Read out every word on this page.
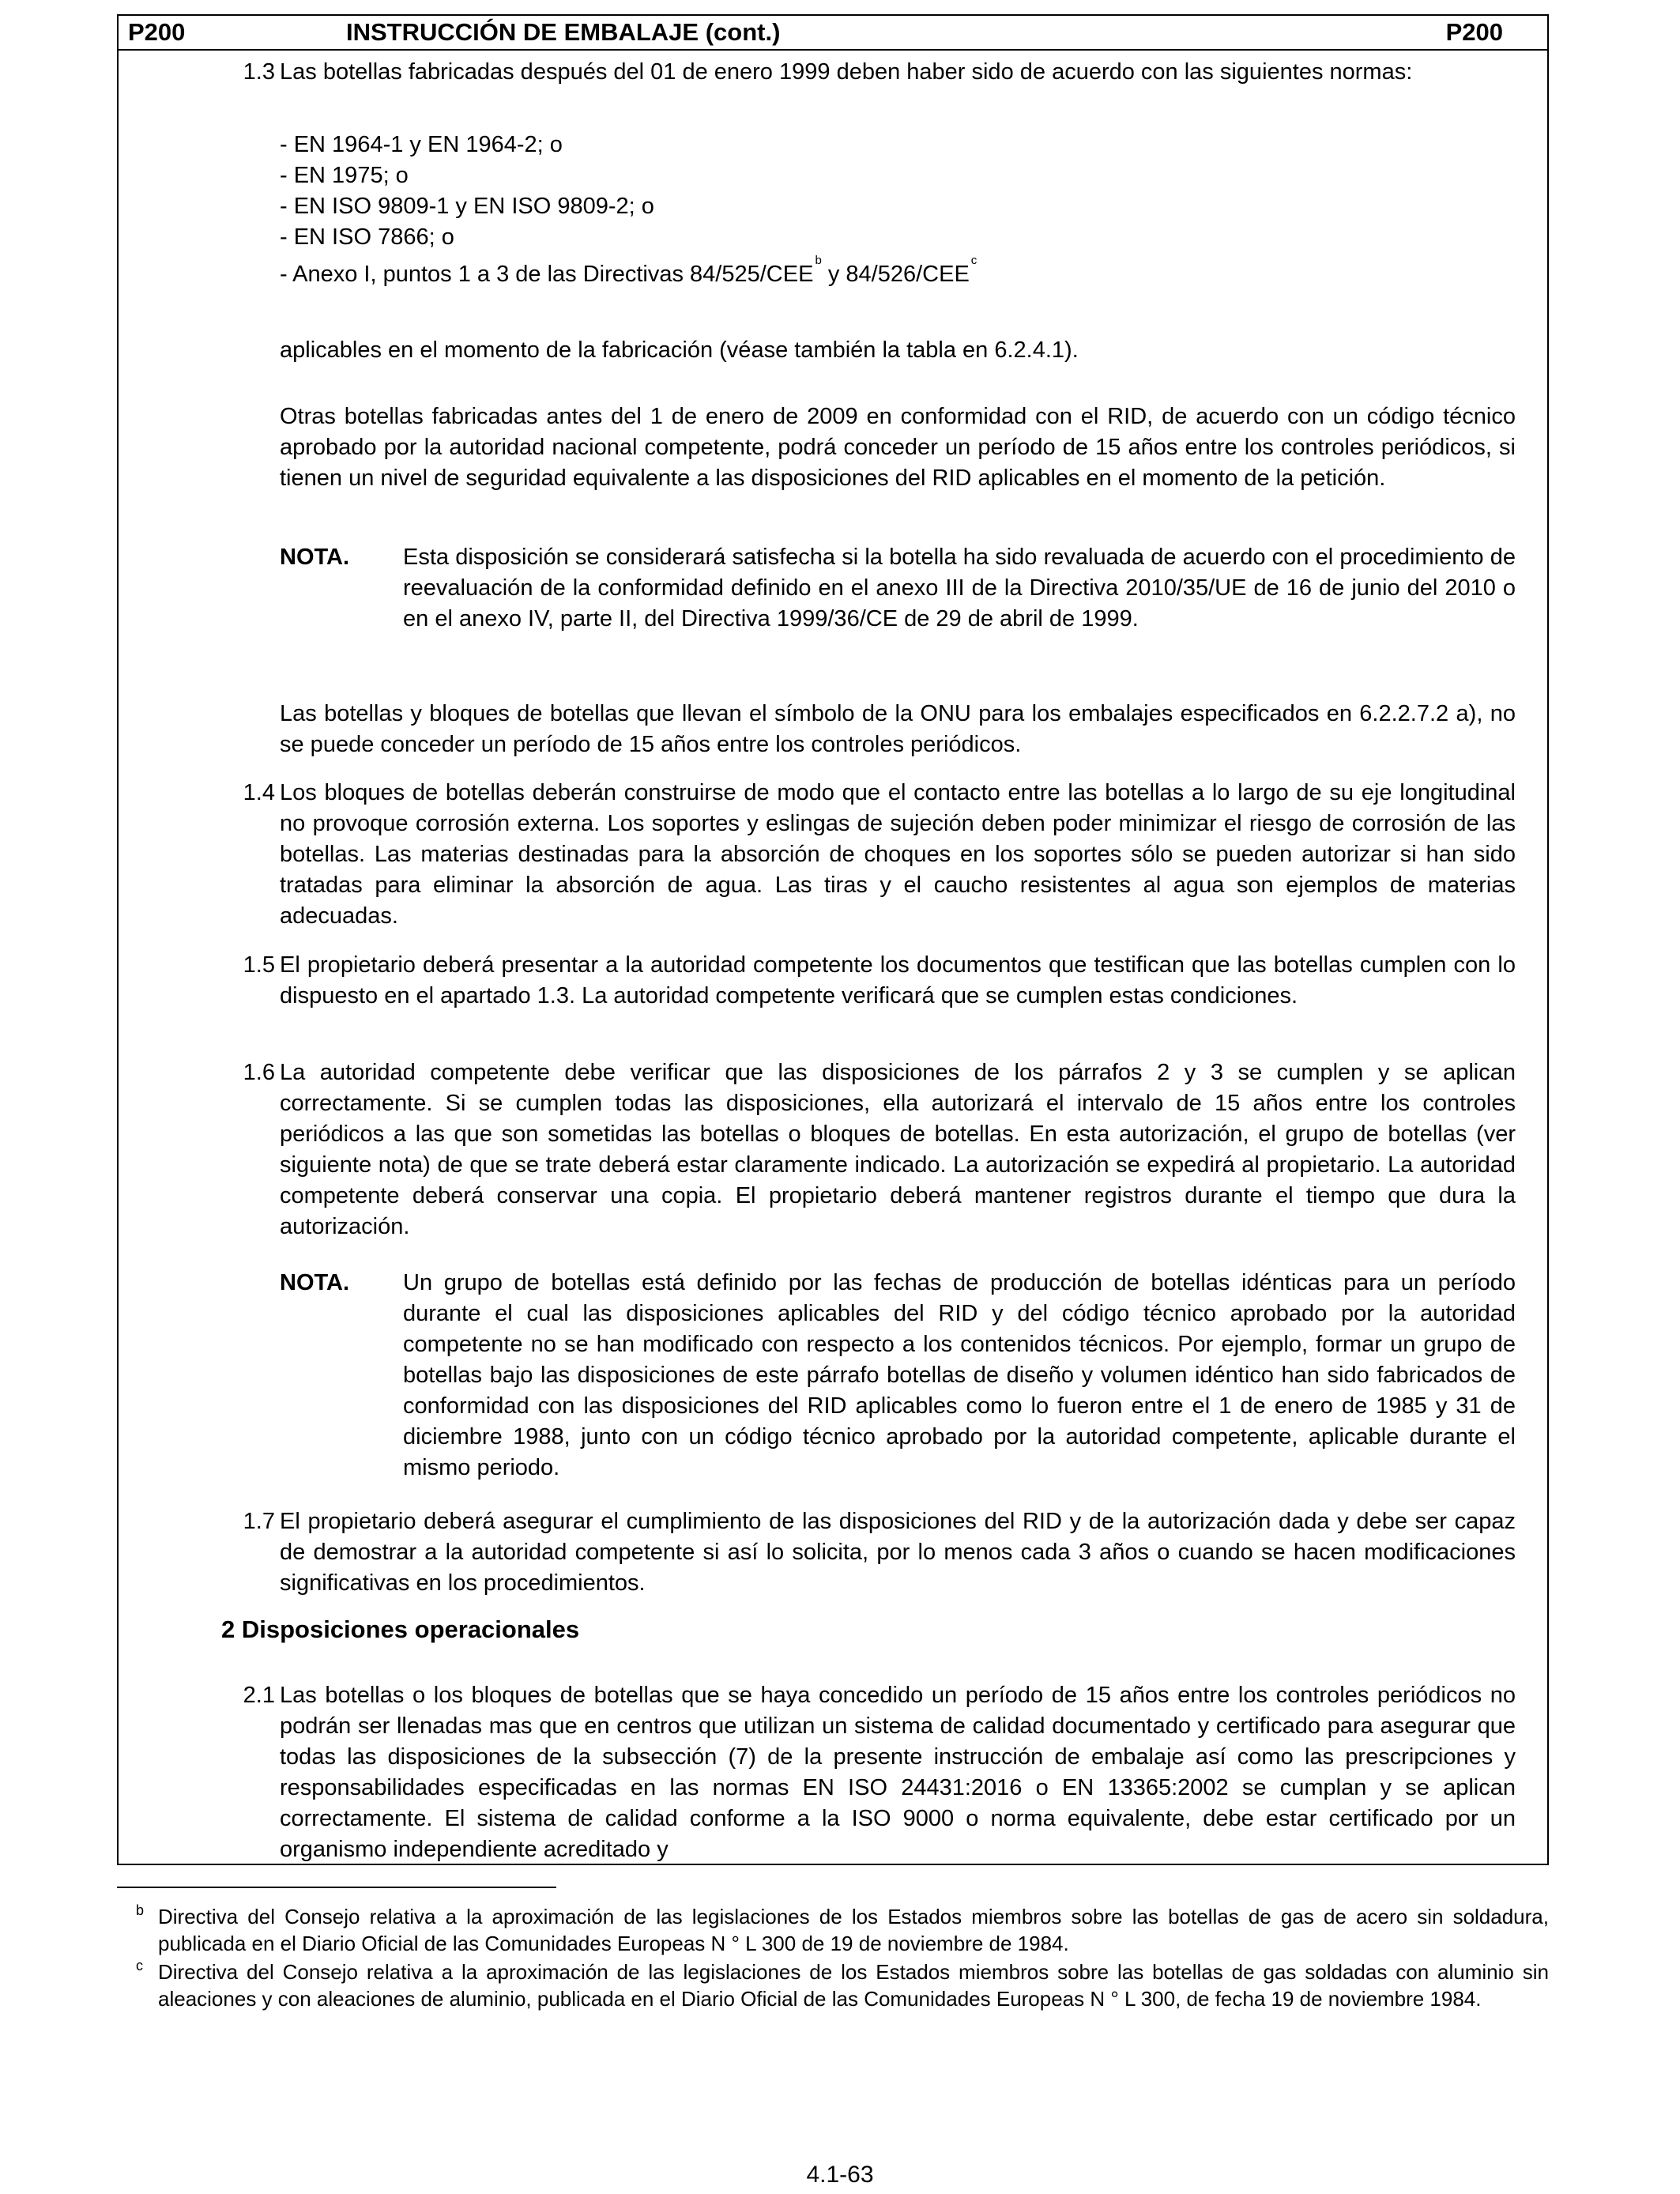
P200	INSTRUCCIÓN DE EMBALAJE (cont.)	P200
1.3 Las botellas fabricadas después del 01 de enero 1999 deben haber sido de acuerdo con las siguientes normas:
- EN 1964-1 y EN 1964-2; o
- EN 1975; o
- EN ISO 9809-1 y EN ISO 9809-2; o
- EN ISO 7866; o
- Anexo I, puntos 1 a 3 de las Directivas 84/525/CEE$^b$ y 84/526/CEE$^c$
aplicables en el momento de la fabricación (véase también la tabla en 6.2.4.1).
Otras botellas fabricadas antes del 1 de enero de 2009 en conformidad con el RID, de acuerdo con un código técnico aprobado por la autoridad nacional competente, podrá conceder un período de 15 años entre los controles periódicos, si tienen un nivel de seguridad equivalente a las disposiciones del RID aplicables en el momento de la petición.
NOTA. Esta disposición se considerará satisfecha si la botella ha sido revaluada de acuerdo con el procedimiento de reevaluación de la conformidad definido en el anexo III de la Directiva 2010/35/UE de 16 de junio del 2010 o en el anexo IV, parte II, del Directiva 1999/36/CE de 29 de abril de 1999.
Las botellas y bloques de botellas que llevan el símbolo de la ONU para los embalajes especificados en 6.2.2.7.2 a), no se puede conceder un período de 15 años entre los controles periódicos.
1.4 Los bloques de botellas deberán construirse de modo que el contacto entre las botellas a lo largo de su eje longitudinal no provoque corrosión externa. Los soportes y eslingas de sujeción deben poder minimizar el riesgo de corrosión de las botellas. Las materias destinadas para la absorción de choques en los soportes sólo se pueden autorizar si han sido tratadas para eliminar la absorción de agua. Las tiras y el caucho resistentes al agua son ejemplos de materias adecuadas.
1.5 El propietario deberá presentar a la autoridad competente los documentos que testifican que las botellas cumplen con lo dispuesto en el apartado 1.3. La autoridad competente verificará que se cumplen estas condiciones.
1.6 La autoridad competente debe verificar que las disposiciones de los párrafos 2 y 3 se cumplen y se aplican correctamente. Si se cumplen todas las disposiciones, ella autorizará el intervalo de 15 años entre los controles periódicos a las que son sometidas las botellas o bloques de botellas. En esta autorización, el grupo de botellas (ver siguiente nota) de que se trate deberá estar claramente indicado. La autorización se expedirá al propietario. La autoridad competente deberá conservar una copia. El propietario deberá mantener registros durante el tiempo que dura la autorización.
NOTA. Un grupo de botellas está definido por las fechas de producción de botellas idénticas para un período durante el cual las disposiciones aplicables del RID y del código técnico aprobado por la autoridad competente no se han modificado con respecto a los contenidos técnicos. Por ejemplo, formar un grupo de botellas bajo las disposiciones de este párrafo botellas de diseño y volumen idéntico han sido fabricados de conformidad con las disposiciones del RID aplicables como lo fueron entre el 1 de enero de 1985 y 31 de diciembre 1988, junto con un código técnico aprobado por la autoridad competente, aplicable durante el mismo periodo.
1.7 El propietario deberá asegurar el cumplimiento de las disposiciones del RID y de la autorización dada y debe ser capaz de demostrar a la autoridad competente si así lo solicita, por lo menos cada 3 años o cuando se hacen modificaciones significativas en los procedimientos.
2 Disposiciones operacionales
2.1 Las botellas o los bloques de botellas que se haya concedido un período de 15 años entre los controles periódicos no podrán ser llenadas mas que en centros que utilizan un sistema de calidad documentado y certificado para asegurar que todas las disposiciones de la subsección (7) de la presente instrucción de embalaje así como las prescripciones y responsabilidades especificadas en las normas EN ISO 24431:2016 o EN 13365:2002 se cumplan y se aplican correctamente. El sistema de calidad conforme a la ISO 9000 o norma equivalente, debe estar certificado por un organismo independiente acreditado y
b Directiva del Consejo relativa a la aproximación de las legislaciones de los Estados miembros sobre las botellas de gas de acero sin soldadura, publicada en el Diario Oficial de las Comunidades Europeas N ° L 300 de 19 de noviembre de 1984.
c Directiva del Consejo relativa a la aproximación de las legislaciones de los Estados miembros sobre las botellas de gas soldadas con aluminio sin aleaciones y con aleaciones de aluminio, publicada en el Diario Oficial de las Comunidades Europeas N ° L 300, de fecha 19 de noviembre 1984.
4.1-63
